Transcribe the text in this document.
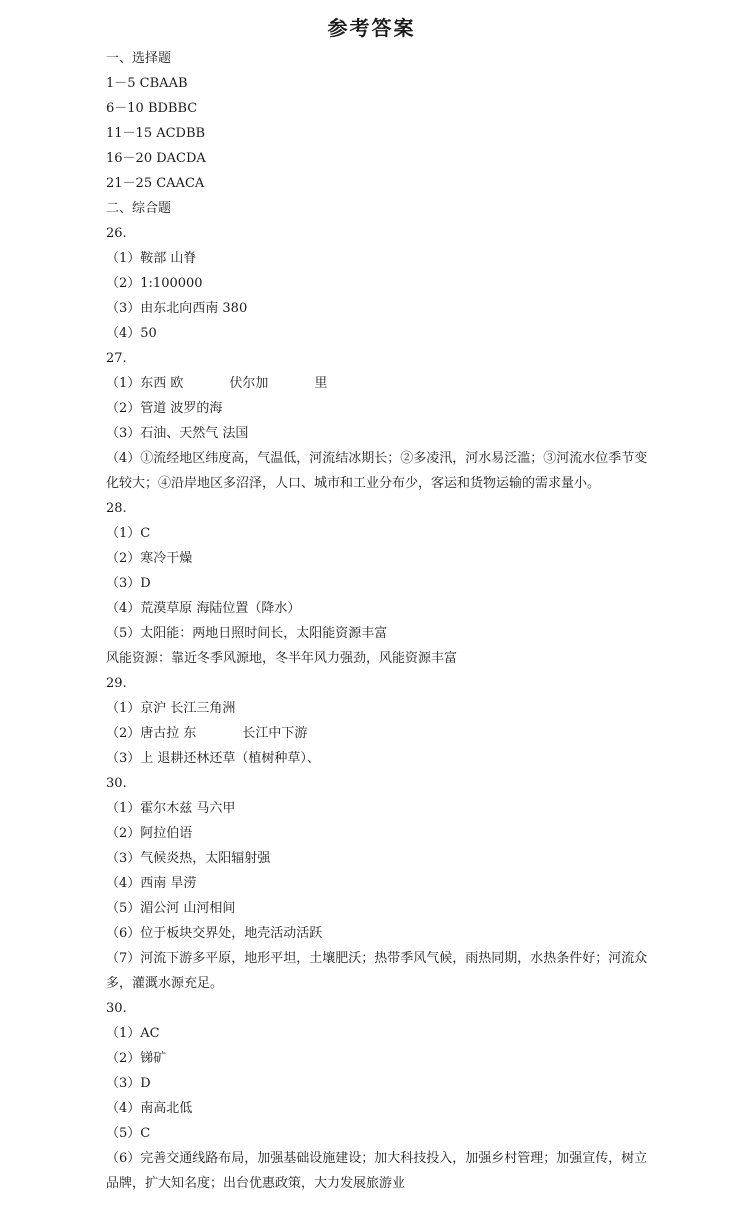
参考答案
一、选择题
1－5 CBAAB
6－10 BDBBC
11－15 ACDBB
16－20 DACDA
21－25 CAACA
二、综合题
26.
（1）鞍部 山脊
（2）1:100000
（3）由东北向西南 380
（4）50
27.
（1）东西 欧	伏尔加	里
（2）管道 波罗的海
（3）石油、天然气 法国
（4）①流经地区纬度高，气温低，河流结冰期长；②多凌汛，河水易泛滥；③河流水位季节变
化较大；④沿岸地区多沼泽，人口、城市和工业分布少，客运和货物运输的需求量小。
28.
（1）C
（2）寒冷干燥
（3）D
（4）荒漠草原 海陆位置（降水）
（5）太阳能：两地日照时间长，太阳能资源丰富
风能资源：靠近冬季风源地，冬半年风力强劲，风能资源丰富
29.
（1）京沪 长江三角洲
（2）唐古拉 东	长江中下游
（3）上 退耕还林还草（植树种草）、
30.
（1）霍尔木兹 马六甲
（2）阿拉伯语
（3）气候炎热，太阳辐射强
（4）西南 旱涝
（5）湄公河 山河相间
（6）位于板块交界处，地壳活动活跃
（7）河流下游多平原，地形平坦，土壤肥沃；热带季风气候，雨热同期，水热条件好；河流众
多，灌溉水源充足。
30.
（1）AC
（2）锑矿
（3）D
（4）南高北低
（5）C
（6）完善交通线路布局，加强基础设施建设；加大科技投入，加强乡村管理；加强宣传，树立
品牌，扩大知名度；出台优惠政策，大力发展旅游业
